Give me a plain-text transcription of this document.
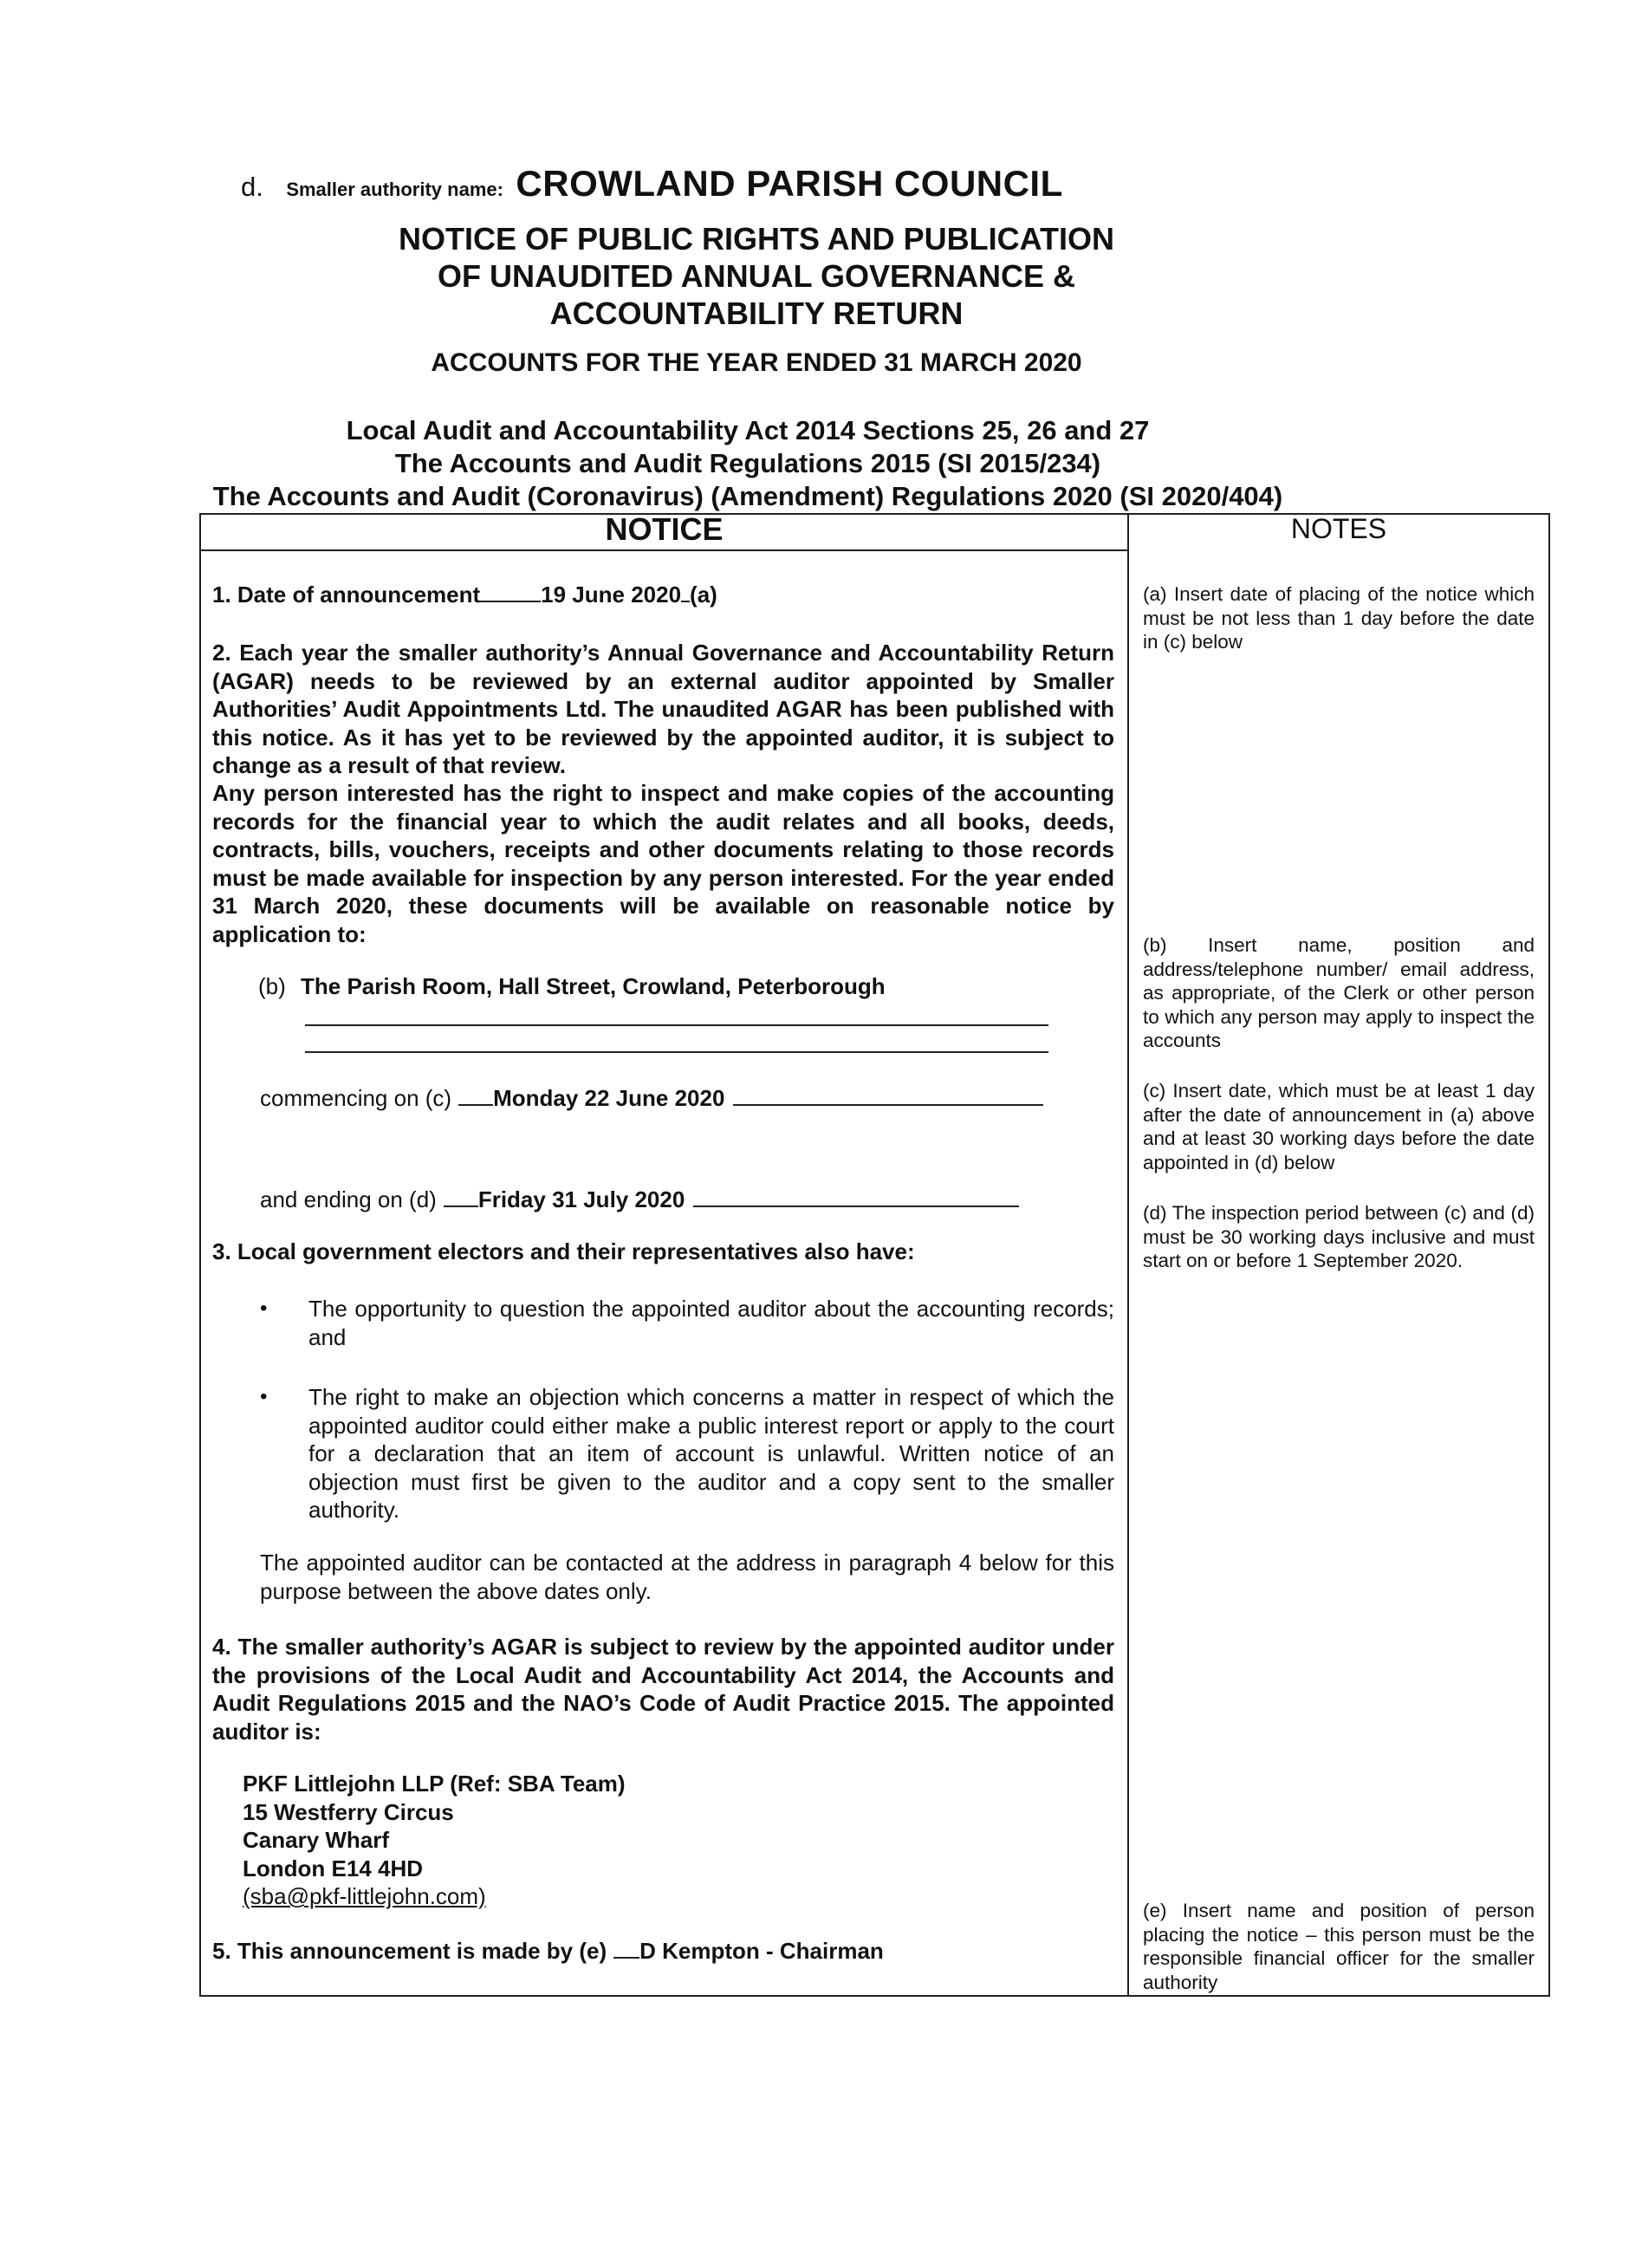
d. Smaller authority name: CROWLAND PARISH COUNCIL
NOTICE OF PUBLIC RIGHTS AND PUBLICATION
OF UNAUDITED ANNUAL GOVERNANCE &
ACCOUNTABILITY RETURN
ACCOUNTS FOR THE YEAR ENDED 31 MARCH 2020
Local Audit and Accountability Act 2014 Sections 25, 26 and 27
The Accounts and Audit Regulations 2015 (SI 2015/234)
The Accounts and Audit (Coronavirus) (Amendment) Regulations 2020 (SI 2020/404)
NOTICE	NOTES
1. Date of announcement	19 June 2020 (a)
2. Each year the smaller authority’s Annual Governance and Accountability Return (AGAR) needs to be reviewed by an external auditor appointed by Smaller Authorities’ Audit Appointments Ltd. The unaudited AGAR has been published with this notice. As it has yet to be reviewed by the appointed auditor, it is subject to change as a result of that review.
Any person interested has the right to inspect and make copies of the accounting records for the financial year to which the audit relates and all books, deeds, contracts, bills, vouchers, receipts and other documents relating to those records must be made available for inspection by any person interested. For the year ended 31 March 2020, these documents will be available on reasonable notice by application to:
(b) The Parish Room, Hall Street, Crowland, Peterborough
commencing on (c) Monday 22 June 2020
and ending on (d) Friday 31 July 2020
3. Local government electors and their representatives also have:
• The opportunity to question the appointed auditor about the accounting records; and
• The right to make an objection which concerns a matter in respect of which the appointed auditor could either make a public interest report or apply to the court for a declaration that an item of account is unlawful. Written notice of an objection must first be given to the auditor and a copy sent to the smaller authority.
The appointed auditor can be contacted at the address in paragraph 4 below for this purpose between the above dates only.
4. The smaller authority’s AGAR is subject to review by the appointed auditor under the provisions of the Local Audit and Accountability Act 2014, the Accounts and Audit Regulations 2015 and the NAO’s Code of Audit Practice 2015. The appointed auditor is:
PKF Littlejohn LLP (Ref: SBA Team)
15 Westferry Circus
Canary Wharf
London E14 4HD
(sba@pkf-littlejohn.com)
5. This announcement is made by (e) D Kempton - Chairman
(a) Insert date of placing of the notice which must be not less than 1 day before the date in (c) below
(b) Insert name, position and address/telephone number/ email address, as appropriate, of the Clerk or other person to which any person may apply to inspect the accounts
(c) Insert date, which must be at least 1 day after the date of announcement in (a) above and at least 30 working days before the date appointed in (d) below
(d) The inspection period between (c) and (d) must be 30 working days inclusive and must start on or before 1 September 2020.
(e) Insert name and position of person placing the notice – this person must be the responsible financial officer for the smaller authority
